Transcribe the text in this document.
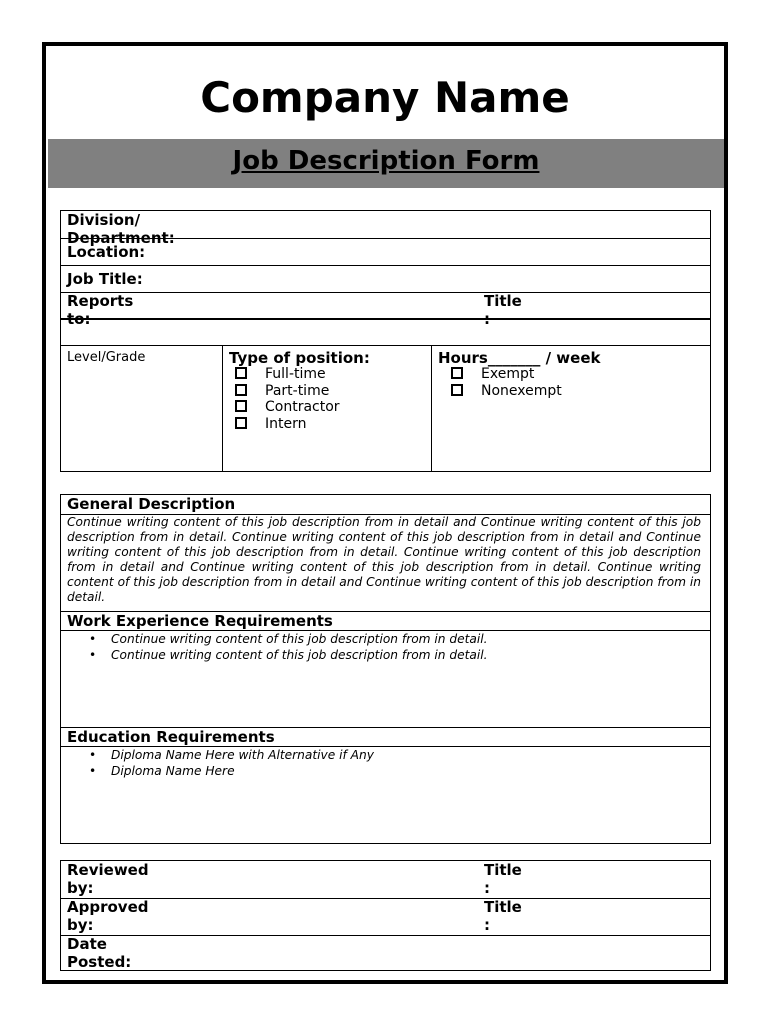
Company Name
Job Description Form
Division/ Department:
Location:
Job Title:
Reports to:
Title :
Level/Grade	Type of position:
Full-time
Part-time
Contractor
Intern
Hours_______ / week
Exempt
Nonexempt
General Description
Continue writing content of this job description from in detail and Continue writing content of this job description from in detail. Continue writing content of this job description from in detail and Continue writing content of this job description from in detail. Continue writing content of this job description from in detail and Continue writing content of this job description from in detail. Continue writing content of this job description from in detail and Continue writing content of this job description from in detail.
Work Experience Requirements
• Continue writing content of this job description from in detail.
• Continue writing content of this job description from in detail.
Education Requirements
• Diploma Name Here with Alternative if Any
• Diploma Name Here
Reviewed by:
Title :
Approved by:
Title :
Date Posted:
